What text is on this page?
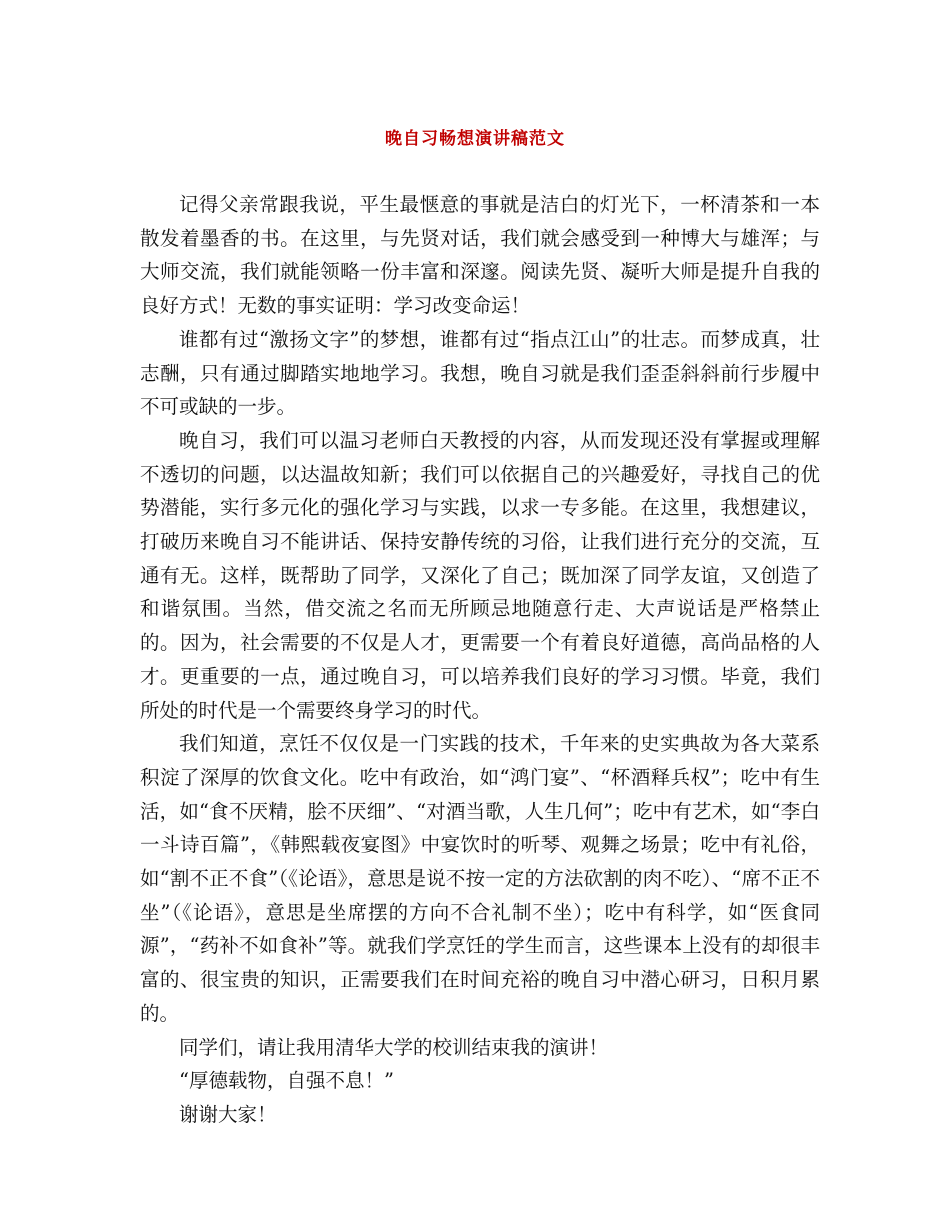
晚自习畅想演讲稿范文

记得父亲常跟我说，平生最惬意的事就是洁白的灯光下，一杯清茶和一本散发着墨香的书。在这里，与先贤对话，我们就会感受到一种博大与雄浑；与大师交流，我们就能领略一份丰富和深邃。阅读先贤、凝听大师是提升自我的良好方式！无数的事实证明：学习改变命运！

谁都有过“激扬文字”的梦想，谁都有过“指点江山”的壮志。而梦成真，壮志酬，只有通过脚踏实地地学习。我想，晚自习就是我们歪歪斜斜前行步履中不可或缺的一步。

晚自习，我们可以温习老师白天教授的内容，从而发现还没有掌握或理解不透切的问题，以达温故知新；我们可以依据自己的兴趣爱好，寻找自己的优势潜能，实行多元化的强化学习与实践，以求一专多能。在这里，我想建议，打破历来晚自习不能讲话、保持安静传统的习俗，让我们进行充分的交流，互通有无。这样，既帮助了同学，又深化了自己；既加深了同学友谊，又创造了和谐氛围。当然，借交流之名而无所顾忌地随意行走、大声说话是严格禁止的。因为，社会需要的不仅是人才，更需要一个有着良好道德，高尚品格的人才。更重要的一点，通过晚自习，可以培养我们良好的学习习惯。毕竟，我们所处的时代是一个需要终身学习的时代。

我们知道，烹饪不仅仅是一门实践的技术，千年来的史实典故为各大菜系积淀了深厚的饮食文化。吃中有政治，如“鸿门宴”、“杯酒释兵权”；吃中有生活，如“食不厌精，脍不厌细”、“对酒当歌，人生几何”；吃中有艺术，如“李白一斗诗百篇”，《韩熙载夜宴图》中宴饮时的听琴、观舞之场景；吃中有礼俗，如“割不正不食”（《论语》，意思是说不按一定的方法砍割的肉不吃）、“席不正不坐”（《论语》，意思是坐席摆的方向不合礼制不坐）；吃中有科学，如“医食同源”，“药补不如食补”等。就我们学烹饪的学生而言，这些课本上没有的却很丰富的、很宝贵的知识，正需要我们在时间充裕的晚自习中潜心研习，日积月累的。

同学们，请让我用清华大学的校训结束我的演讲！

“厚德载物，自强不息！”

谢谢大家！
